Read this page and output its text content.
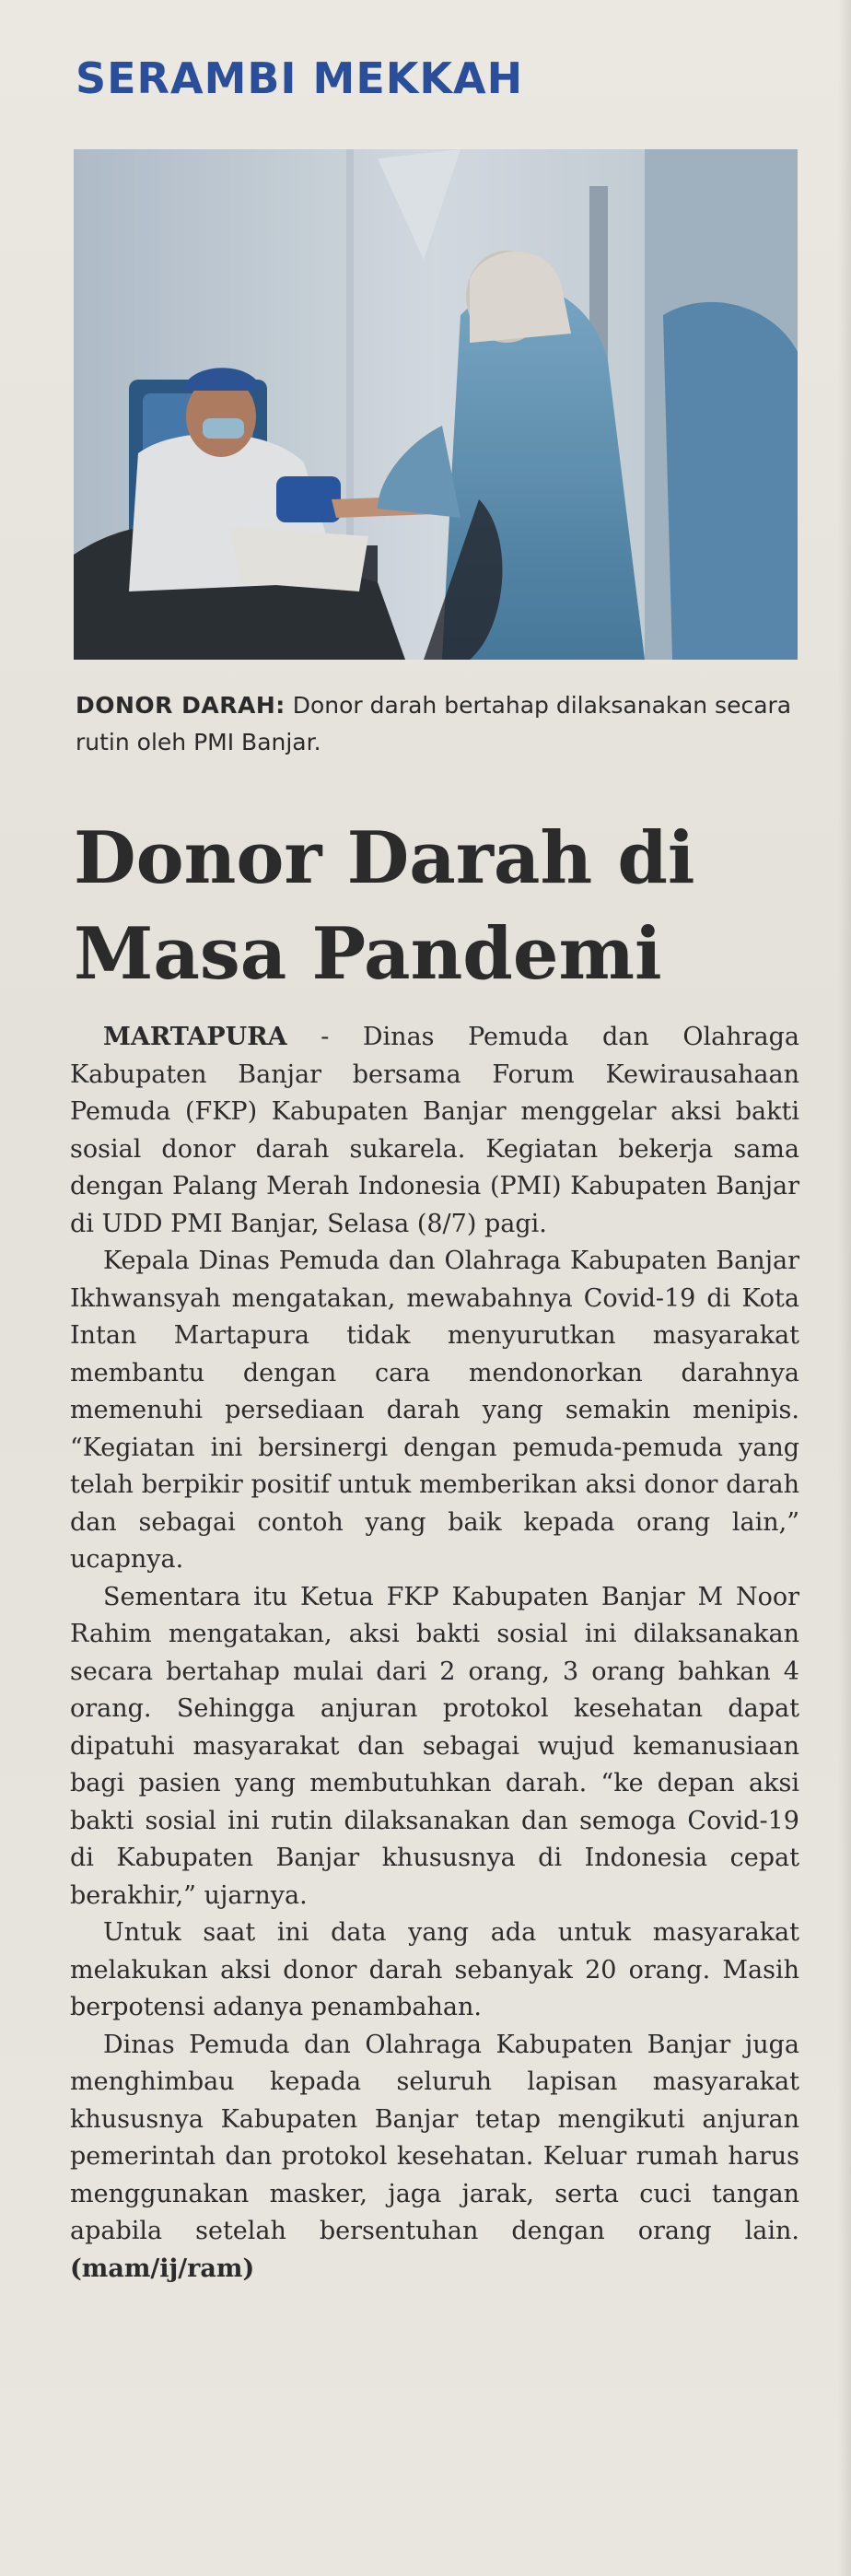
SERAMBI MEKKAH
DONOR DARAH: Donor darah bertahap dilaksanakan secara rutin oleh PMI Banjar.
Donor Darah di Masa Pandemi

MARTAPURA - Dinas Pemuda dan Olahraga Kabupaten Banjar bersama Forum Kewirausahaan Pemuda (FKP) Kabupaten Banjar menggelar aksi bakti sosial donor darah sukarela. Kegiatan bekerja sama dengan Palang Merah Indonesia (PMI) Kabupaten Banjar di UDD PMI Banjar, Selasa (8/7) pagi.

Kepala Dinas Pemuda dan Olahraga Kabupaten Banjar Ikhwansyah mengatakan, mewabahnya Covid-19 di Kota Intan Martapura tidak menyurutkan masyarakat membantu dengan cara mendonorkan darahnya memenuhi persediaan darah yang semakin menipis. “Kegiatan ini bersinergi dengan pemuda-pemuda yang telah berpikir positif untuk memberikan aksi donor darah dan sebagai contoh yang baik kepada orang lain,” ucapnya.

Sementara itu Ketua FKP Kabupaten Banjar M Noor Rahim mengatakan, aksi bakti sosial ini dilaksanakan secara bertahap mulai dari 2 orang, 3 orang bahkan 4 orang. Sehingga anjuran protokol kesehatan dapat dipatuhi masyarakat dan sebagai wujud kemanusiaan bagi pasien yang membutuhkan darah. “ke depan aksi bakti sosial ini rutin dilaksanakan dan semoga Covid-19 di Kabupaten Banjar khususnya di Indonesia cepat berakhir,” ujarnya.

Untuk saat ini data yang ada untuk masyarakat melakukan aksi donor darah sebanyak 20 orang. Masih berpotensi adanya penambahan.

Dinas Pemuda dan Olahraga Kabupaten Banjar juga menghimbau kepada seluruh lapisan masyarakat khususnya Kabupaten Banjar tetap mengikuti anjuran pemerintah dan protokol kesehatan. Keluar rumah harus menggunakan masker, jaga jarak, serta cuci tangan apabila setelah bersentuhan dengan orang lain. (mam/ij/ram)
